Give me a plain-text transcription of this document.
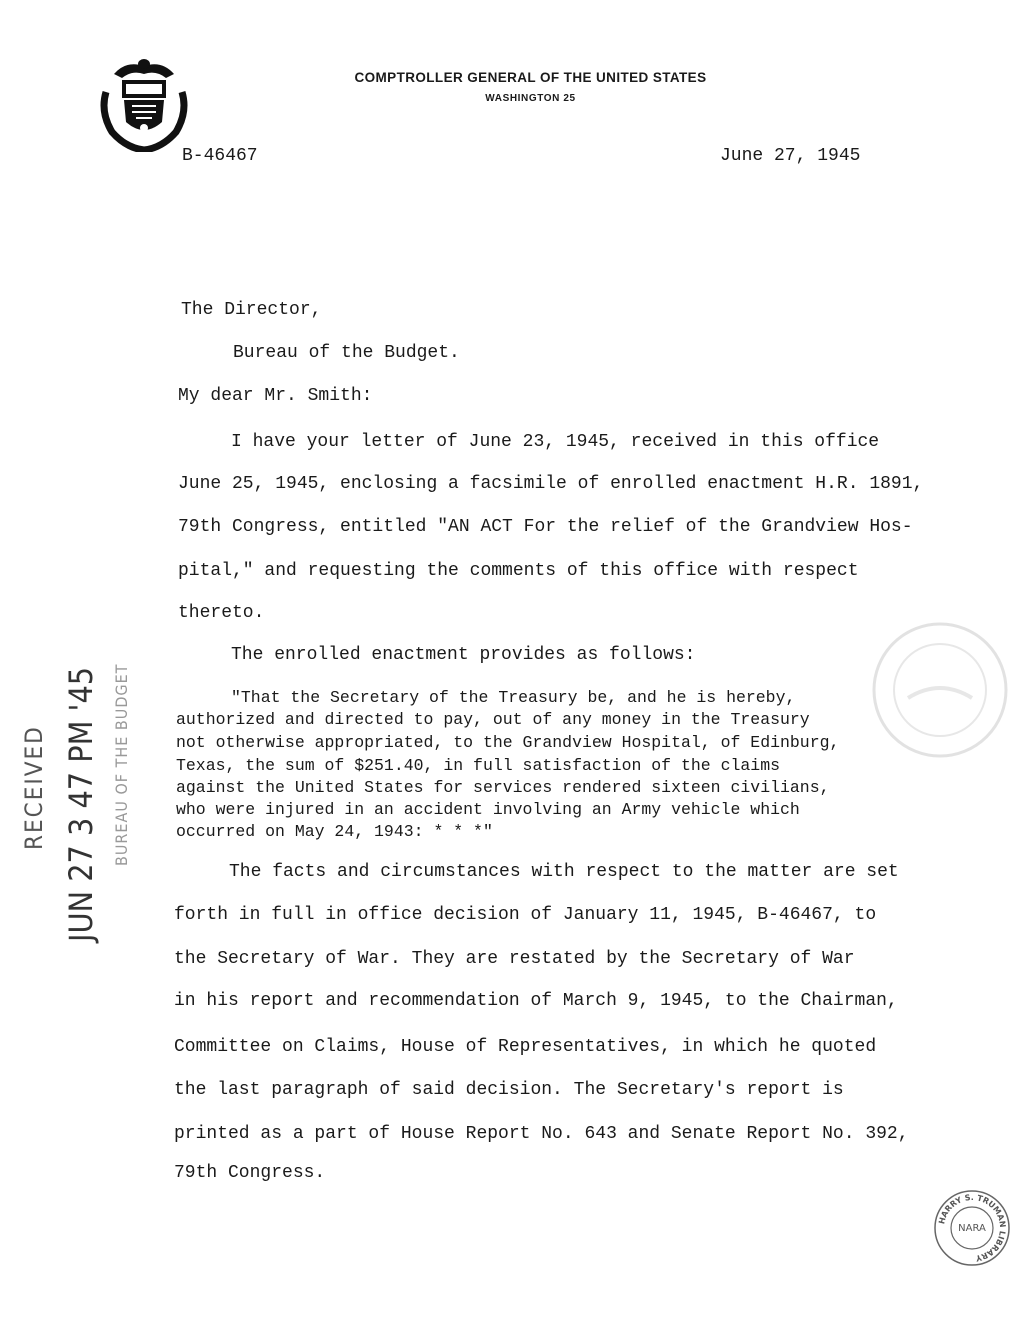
COMPTROLLER GENERAL OF THE UNITED STATES
WASHINGTON 25
B-46467	June 27, 1945
The Director,
Bureau of the Budget.
My dear Mr. Smith:
I have your letter of June 23, 1945, received in this office
June 25, 1945, enclosing a facsimile of enrolled enactment H.R. 1891,
79th Congress, entitled "AN ACT For the relief of the Grandview Hos-
pital," and requesting the comments of this office with respect
thereto.
The enrolled enactment provides as follows:
"That the Secretary of the Treasury be, and he is hereby,
authorized and directed to pay, out of any money in the Treasury
not otherwise appropriated, to the Grandview Hospital, of Edinburg,
Texas, the sum of $251.40, in full satisfaction of the claims
against the United States for services rendered sixteen civilians,
who were injured in an accident involving an Army vehicle which
occurred on May 24, 1943: * * *"
The facts and circumstances with respect to the matter are set
forth in full in office decision of January 11, 1945, B-46467, to
the Secretary of War. They are restated by the Secretary of War
in his report and recommendation of March 9, 1945, to the Chairman,
Committee on Claims, House of Representatives, in which he quoted
the last paragraph of said decision. The Secretary's report is
printed as a part of House Report No. 643 and Senate Report No. 392,
79th Congress.
RECEIVED JUN 27 3 47 PM '45 BUREAU OF THE BUDGET
HARRY S. TRUMAN LIBRARY
NARA
